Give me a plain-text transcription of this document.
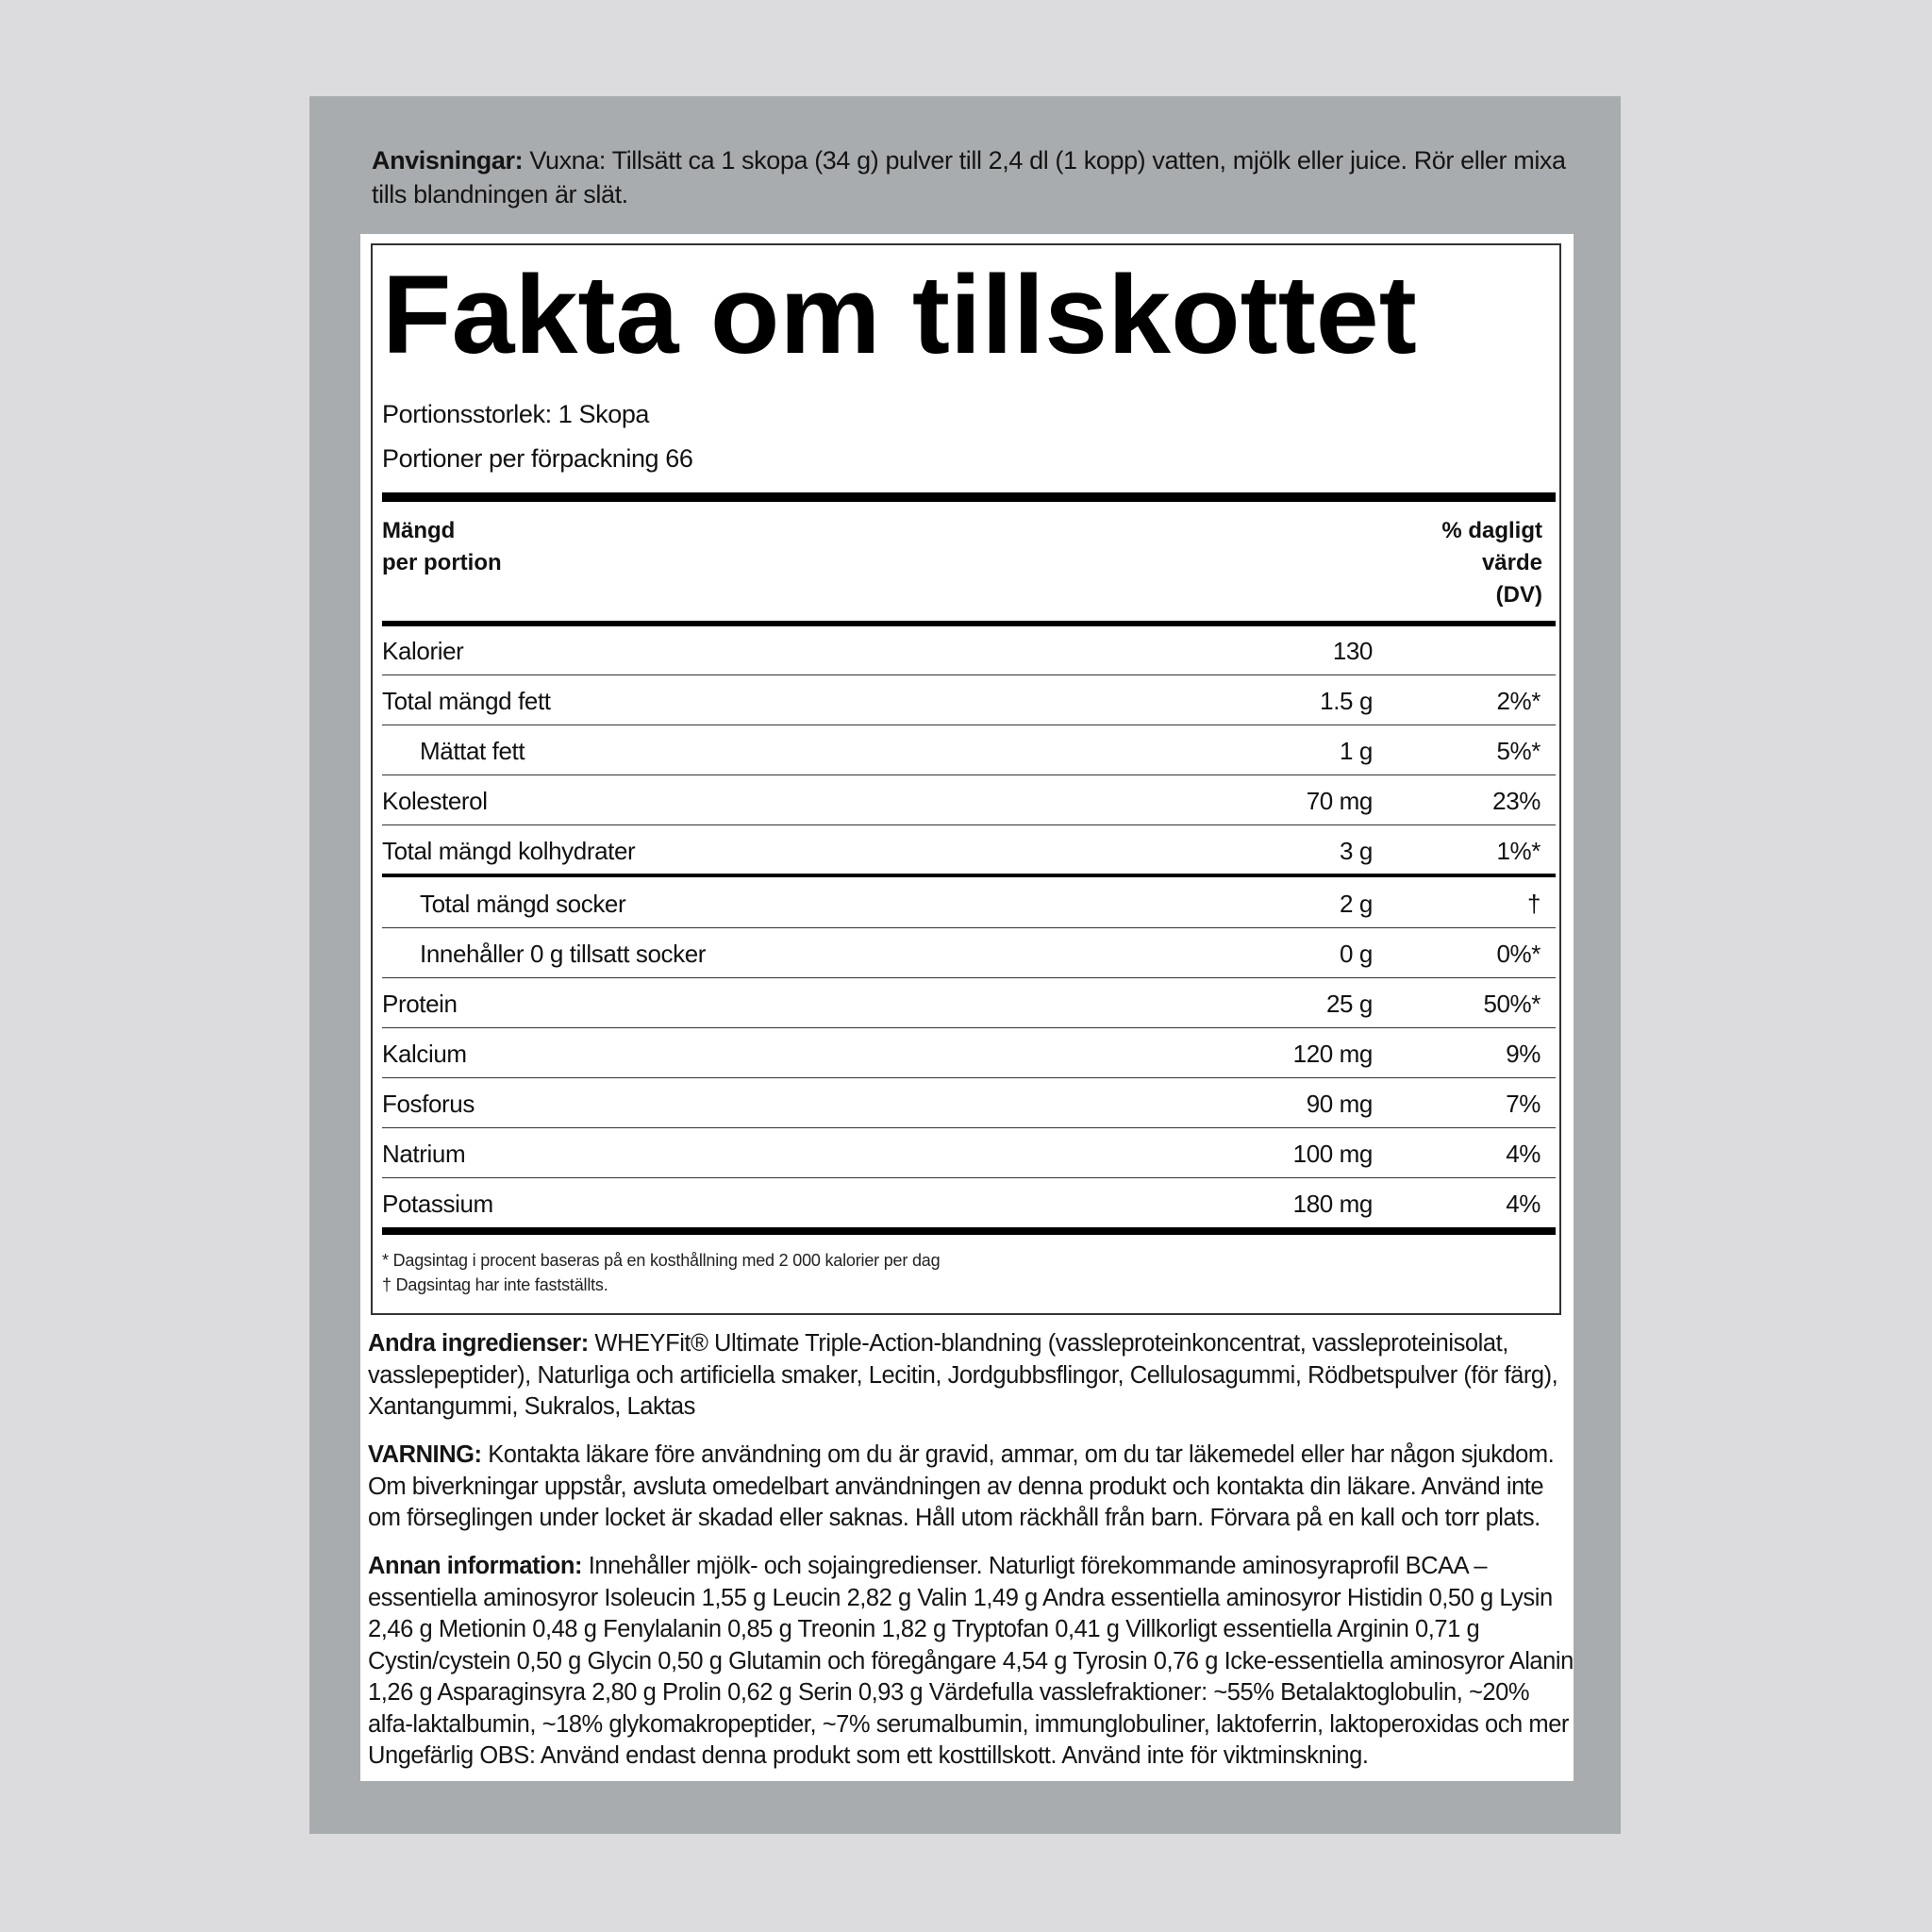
Anvisningar: Vuxna: Tillsätt ca 1 skopa (34 g) pulver till 2,4 dl (1 kopp) vatten, mjölk eller juice. Rör eller mixa tills blandningen är slät.
Fakta om tillskottet
Portionsstorlek: 1 Skopa
Portioner per förpackning 66
Mängd
per portion
% dagligt
värde
(DV)
Kalorier	130
Total mängd fett	1.5 g	2%*
Mättat fett	1 g	5%*
Kolesterol	70 mg	23%
Total mängd kolhydrater	3 g	1%*
Total mängd socker	2 g	†
Innehåller 0 g tillsatt socker	0 g	0%*
Protein	25 g	50%*
Kalcium	120 mg	9%
Fosforus	90 mg	7%
Natrium	100 mg	4%
Potassium	180 mg	4%
* Dagsintag i procent baseras på en kosthållning med 2 000 kalorier per dag
† Dagsintag har inte fastställts.
Andra ingredienser: WHEYFit® Ultimate Triple-Action-blandning (vassleproteinkoncentrat, vassleproteinisolat, vasslepeptider), Naturliga och artificiella smaker, Lecitin, Jordgubbsflingor, Cellulosagummi, Rödbetspulver (för färg), Xantangummi, Sukralos, Laktas
VARNING: Kontakta läkare före användning om du är gravid, ammar, om du tar läkemedel eller har någon sjukdom. Om biverkningar uppstår, avsluta omedelbart användningen av denna produkt och kontakta din läkare. Använd inte om förseglingen under locket är skadad eller saknas. Håll utom räckhåll från barn. Förvara på en kall och torr plats.
Annan information: Innehåller mjölk- och sojaingredienser. Naturligt förekommande aminosyraprofil BCAA – essentiella aminosyror Isoleucin 1,55 g Leucin 2,82 g Valin 1,49 g Andra essentiella aminosyror Histidin 0,50 g Lysin 2,46 g Metionin 0,48 g Fenylalanin 0,85 g Treonin 1,82 g Tryptofan 0,41 g Villkorligt essentiella Arginin 0,71 g Cystin/cystein 0,50 g Glycin 0,50 g Glutamin och föregångare 4,54 g Tyrosin 0,76 g Icke-essentiella aminosyror Alanin 1,26 g Asparaginsyra 2,80 g Prolin 0,62 g Serin 0,93 g Värdefulla vasslefraktioner: ~55% Betalaktoglobulin, ~20% alfa-laktalbumin, ~18% glykomakropeptider, ~7% serumalbumin, immunglobuliner, laktoferrin, laktoperoxidas och mer Ungefärlig OBS: Använd endast denna produkt som ett kosttillskott. Använd inte för viktminskning.
